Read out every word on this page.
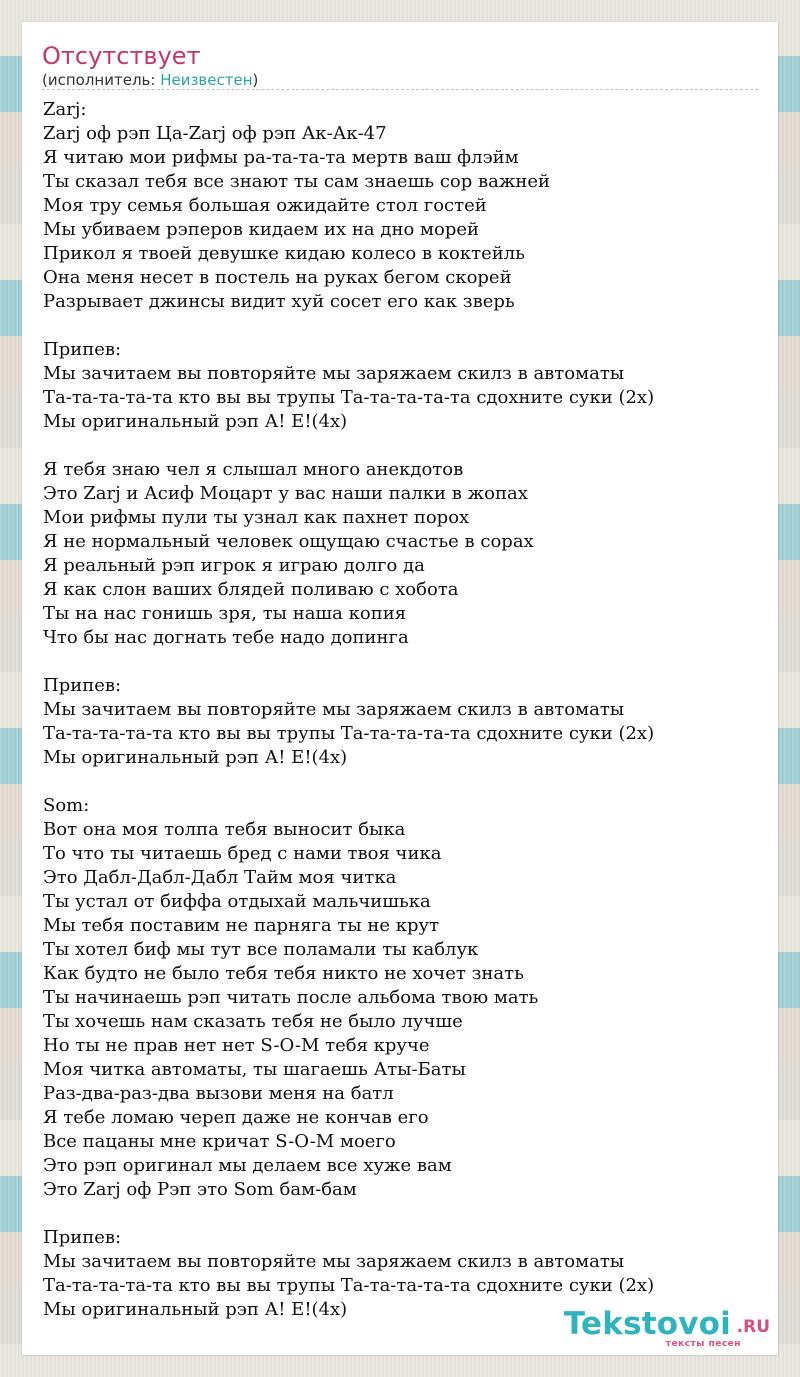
Отсутствует
(исполнитель: Неизвестен)
Zarj:
Zarj оф рэп Ца-Zarj оф рэп Ак-Ак-47
Я читаю мои рифмы ра-та-та-та мертв ваш флэйм
Ты сказал тебя все знают ты сам знаешь сор важней
Моя тру семья большая ожидайте стол гостей
Мы убиваем рэперов кидаем их на дно морей
Прикол я твоей девушке кидаю колесо в коктейль
Она меня несет в постель на руках бегом скорей
Разрывает джинсы видит хуй сосет его как зверь
Припев:
Мы зачитаем вы повторяйте мы заряжаем скилз в автоматы
Та-та-та-та-та кто вы вы трупы Та-та-та-та-та сдохните суки (2x)
Мы оригинальный рэп А! Е!(4х)
Я тебя знаю чел я слышал много анекдотов
Это Zarj и Асиф Моцарт у вас наши палки в жопах
Мои рифмы пули ты узнал как пахнет порох
Я не нормальный человек ощущаю счастье в сорах
Я реальный рэп игрок я играю долго да
Я как слон ваших блядей поливаю с хобота
Ты на нас гонишь зря, ты наша копия
Что бы нас догнать тебе надо допинга
Припев:
Мы зачитаем вы повторяйте мы заряжаем скилз в автоматы
Та-та-та-та-та кто вы вы трупы Та-та-та-та-та сдохните суки (2x)
Мы оригинальный рэп А! Е!(4х)
Som:
Вот она моя толпа тебя выносит быка
То что ты читаешь бред с нами твоя чика
Это Дабл-Дабл-Дабл Тайм моя читка
Ты устал от биффа отдыхай мальчишька
Мы тебя поставим не парняга ты не крут
Ты хотел биф мы тут все поламали ты каблук
Как будто не было тебя тебя никто не хочет знать
Ты начинаешь рэп читать после альбома твою мать
Ты хочешь нам сказать тебя не было лучше
Но ты не прав нет нет S-O-M тебя круче
Моя читка автоматы, ты шагаешь Аты-Баты
Раз-два-раз-два вызови меня на батл
Я тебе ломаю череп даже не кончав его
Все пацаны мне кричат S-O-M моего
Это рэп оригинал мы делаем все хуже вам
Это Zarj оф Рэп это Som бам-бам
Припев:
Мы зачитаем вы повторяйте мы заряжаем скилз в автоматы
Та-та-та-та-та кто вы вы трупы Та-та-та-та-та сдохните суки (2x)
Мы оригинальный рэп А! Е!(4х)	Tekstovoi .RU
тексты песен
